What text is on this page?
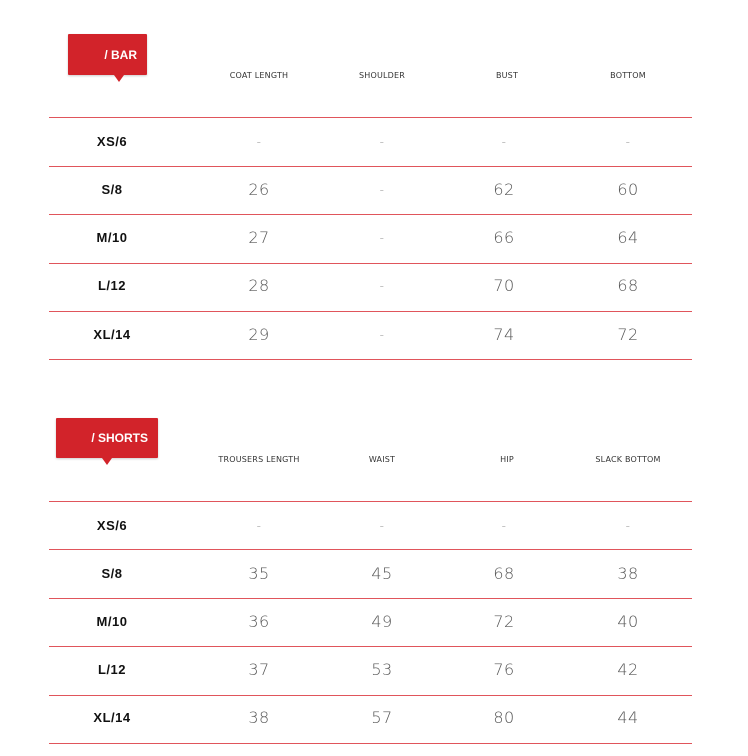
/ BAR
COAT LENGTH	SHOULDER	BUST	BOTTOM
XS/6	-	-	-	-
S/8	26	-	62	60
M/10	27	-	66	64
L/12	28	-	70	68
XL/14	29	-	74	72
/ SHORTS
TROUSERS LENGTH	WAIST	HIP	SLACK BOTTOM
XS/6	-	-	-	-
S/8	35	45	68	38
M/10	36	49	72	40
L/12	37	53	76	42
XL/14	38	57	80	44
